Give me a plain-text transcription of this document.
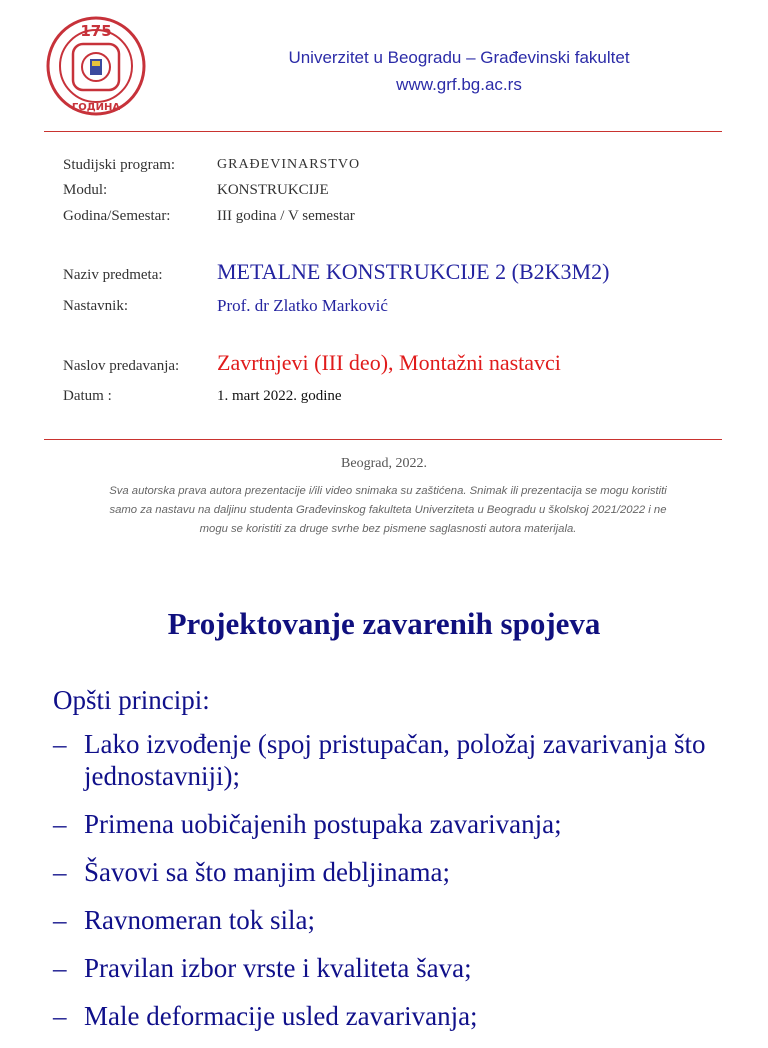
175
ГОДИНА
Univerzitet u Beogradu – Građevinski fakultet
www.grf.bg.ac.rs
Studijski program:	GRAĐEVINARSTVO
Modul:	KONSTRUKCIJE
Godina/Semestar:	III godina / V semestar
Naziv predmeta: METALNE KONSTRUKCIJE 2 (B2K3M2)
Nastavnik:	Prof. dr Zlatko Marković
Naslov predavanja: Zavrtnjevi (III deo), Montažni nastavci
Datum :	1. mart 2022. godine
Beograd, 2022.
Sva autorska prava autora prezentacije i/ili video snimaka su zaštićena. Snimak ili prezentacija se mogu koristiti
samo za nastavu na daljinu studenta Građevinskog fakulteta Univerziteta u Beogradu u školskoj 2021/2022 i ne
mogu se koristiti za druge svrhe bez pismene saglasnosti autora materijala.
Projektovanje zavarenih spojeva
Opšti principi:
– Lako izvođenje (spoj pristupačan, položaj zavarivanja što jednostavniji);
– Primena uobičajenih postupaka zavarivanja;
– Šavovi sa što manjim debljinama;
– Ravnomeran tok sila;
– Pravilan izbor vrste i kvaliteta šava;
– Male deformacije usled zavarivanja;
